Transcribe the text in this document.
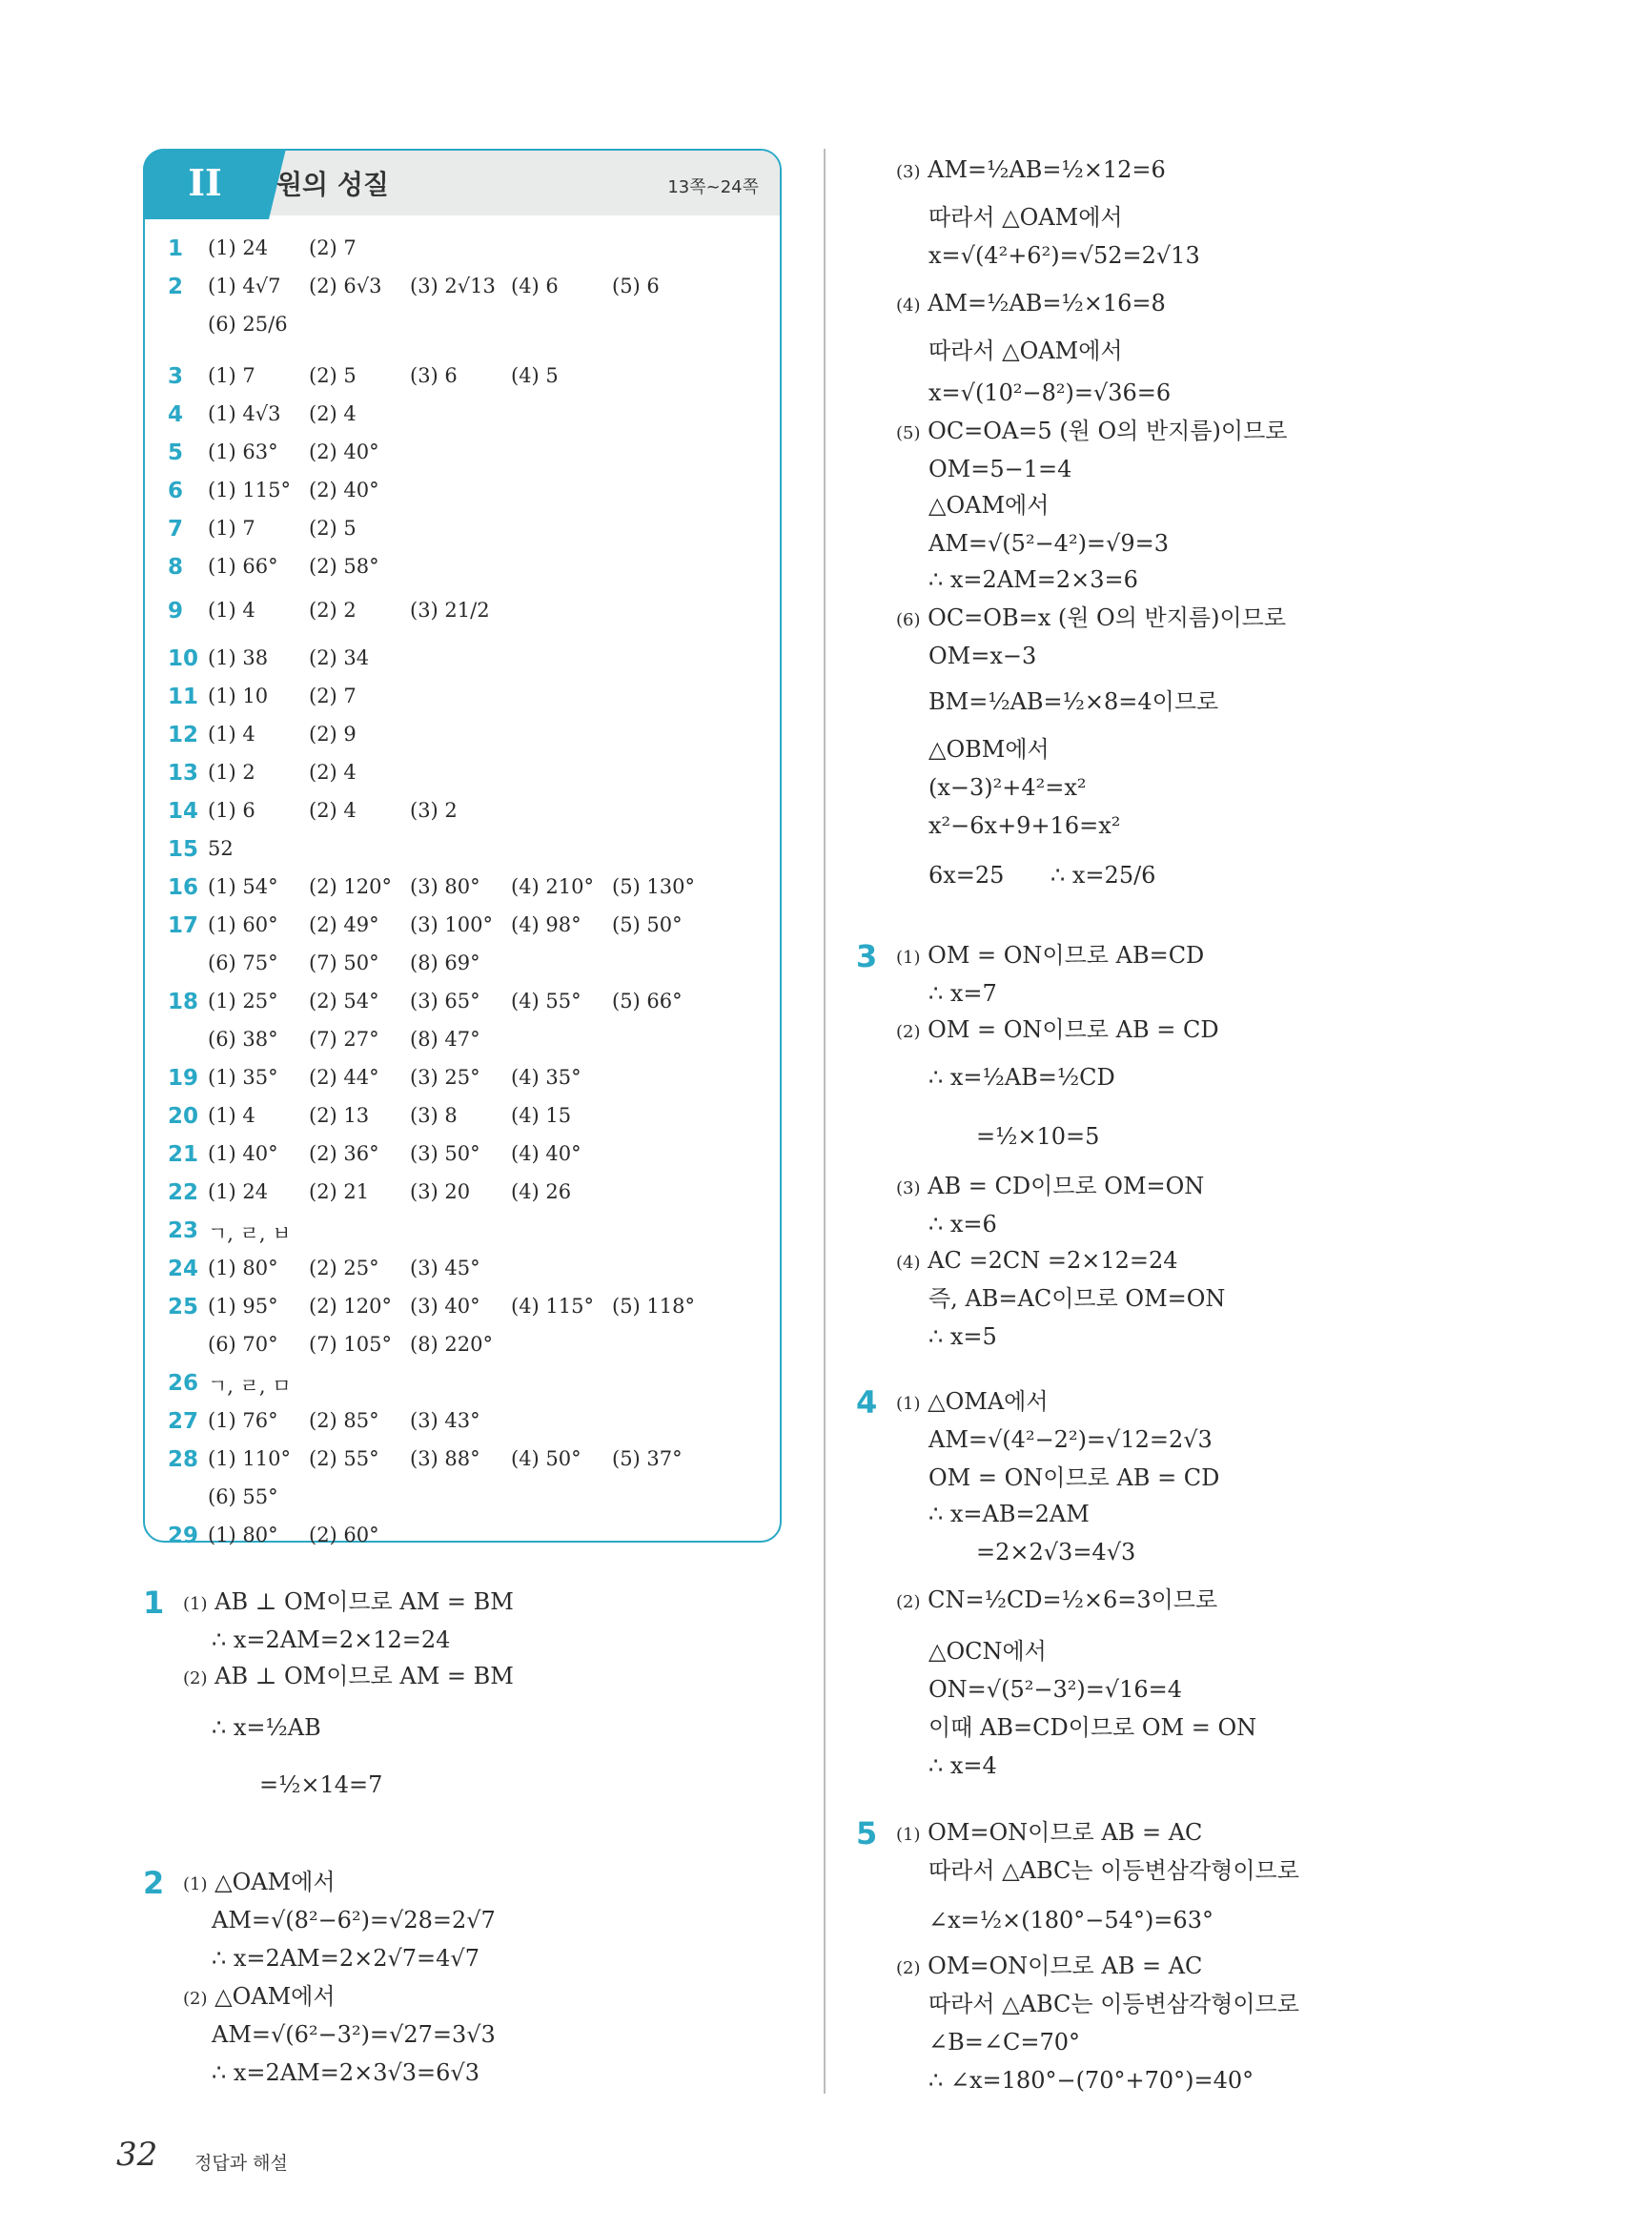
II	원의 성질	13쪽~24쪽
1 (1) 24 (2) 7
2 (1) 4√7 (2) 6√3 (3) 2√13 (4) 6	(5) 6
(6) 25/6
3 (1) 7	(2) 5	(3) 6	(4) 5
4 (1) 4√3 (2) 4
5 (1) 63° (2) 40°
6 (1) 115° (2) 40°
7 (1) 7	(2) 5
8 (1) 66° (2) 58°
9 (1) 4	(2) 2	(3) 21/2
10 (1) 38 (2) 34
11 (1) 10 (2) 7
12 (1) 4	(2) 9
13 (1) 2	(2) 4
14 (1) 6	(2) 4	(3) 2
15 52
16 (1) 54° (2) 120° (3) 80° (4) 210° (5) 130°
17 (1) 60° (2) 49° (3) 100° (4) 98° (5) 50°
(6) 75° (7) 50° (8) 69°
18 (1) 25° (2) 54° (3) 65° (4) 55° (5) 66°
(6) 38° (7) 27° (8) 47°
19 (1) 35° (2) 44° (3) 25° (4) 35°
20 (1) 4	(2) 13 (3) 8	(4) 15
21 (1) 40° (2) 36° (3) 50° (4) 40°
22 (1) 24 (2) 21 (3) 20 (4) 26
23 ㄱ, ㄹ, ㅂ
24 (1) 80° (2) 25° (3) 45°
25 (1) 95° (2) 120° (3) 40° (4) 115° (5) 118°
(6) 70° (7) 105° (8) 220°
26 ㄱ, ㄹ, ㅁ
27 (1) 76° (2) 85° (3) 43°
28 (1) 110° (2) 55° (3) 88° (4) 50° (5) 37°
(6) 55°
29 (1) 80° (2) 60°
1 (1) AB ⊥ OM이므로 AM = BM
∴ x=2AM=2×12=24
(2) AB ⊥ OM이므로 AM = BM
∴ x=½AB
=½×14=7
2 (1) △OAM에서
AM=√(8²−6²)=√28=2√7
∴ x=2AM=2×2√7=4√7
(2) △OAM에서
AM=√(6²−3²)=√27=3√3
∴ x=2AM=2×3√3=6√3
(3) AM=½AB=½×12=6
따라서 △OAM에서
x=√(4²+6²)=√52=2√13
(4) AM=½AB=½×16=8
따라서 △OAM에서
x=√(10²−8²)=√36=6
(5) OC=OA=5 (원 O의 반지름)이므로
OM=5−1=4
△OAM에서
AM=√(5²−4²)=√9=3
∴ x=2AM=2×3=6
(6) OC=OB=x (원 O의 반지름)이므로
OM=x−3
BM=½AB=½×8=4이므로
△OBM에서
(x−3)²+4²=x²
x²−6x+9+16=x²
6x=25 ∴ x=25/6
3 (1) OM = ON이므로 AB=CD
∴ x=7
(2) OM = ON이므로 AB = CD
∴ x=½AB=½CD
=½×10=5
(3) AB = CD이므로 OM=ON
∴ x=6
(4) AC =2CN =2×12=24
즉, AB=AC이므로 OM=ON
∴ x=5
4 (1) △OMA에서
AM=√(4²−2²)=√12=2√3
OM = ON이므로 AB = CD
∴ x=AB=2AM
=2×2√3=4√3
(2) CN=½CD=½×6=3이므로
△OCN에서
ON=√(5²−3²)=√16=4
이때 AB=CD이므로 OM = ON
∴ x=4
5 (1) OM=ON이므로 AB = AC
따라서 △ABC는 이등변삼각형이므로
∠x=½×(180°−54°)=63°
(2) OM=ON이므로 AB = AC
따라서 △ABC는 이등변삼각형이므로
∠B=∠C=70°
∴ ∠x=180°−(70°+70°)=40°
32 정답과 해설
